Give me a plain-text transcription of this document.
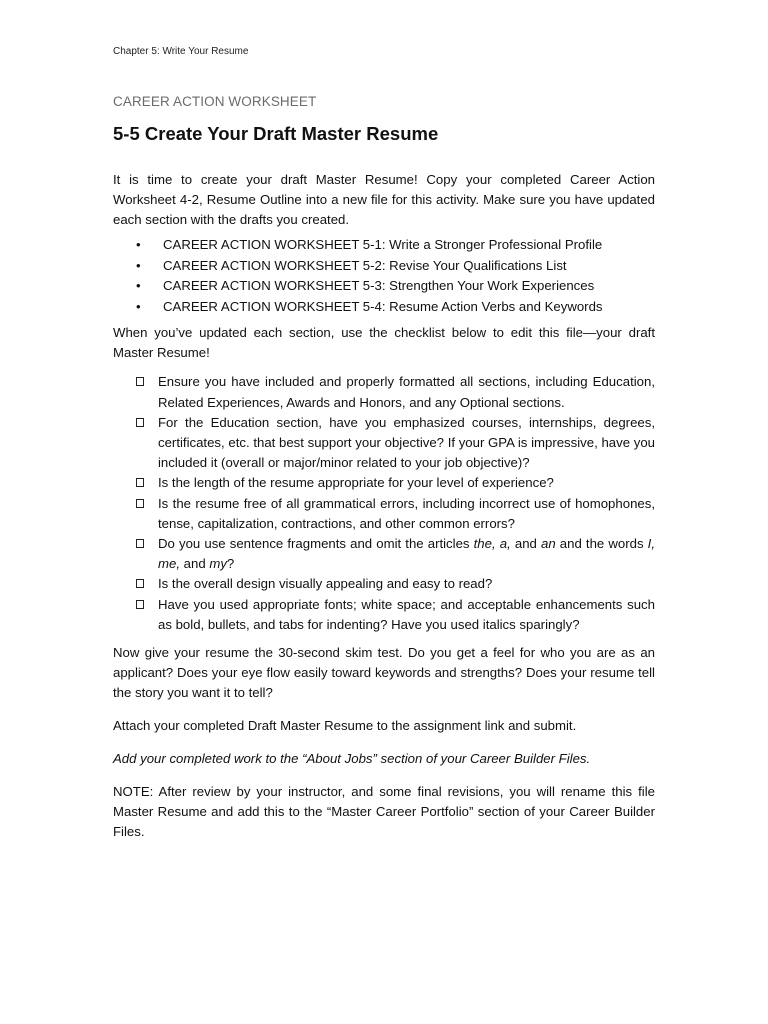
Chapter 5: Write Your Resume
CAREER ACTION WORKSHEET
5-5 Create Your Draft Master Resume

It is time to create your draft Master Resume! Copy your completed Career Action Worksheet 4-2, Resume Outline into a new file for this activity. Make sure you have updated each section with the drafts you created.

• CAREER ACTION WORKSHEET 5-1: Write a Stronger Professional Profile
• CAREER ACTION WORKSHEET 5-2: Revise Your Qualifications List
• CAREER ACTION WORKSHEET 5-3: Strengthen Your Work Experiences
• CAREER ACTION WORKSHEET 5-4: Resume Action Verbs and Keywords

When you’ve updated each section, use the checklist below to edit this file—your draft Master Resume!

Ensure you have included and properly formatted all sections, including Education, Related Experiences, Awards and Honors, and any Optional sections.
For the Education section, have you emphasized courses, internships, degrees, certificates, etc. that best support your objective? If your GPA is impressive, have you included it (overall or major/minor related to your job objective)?
Is the length of the resume appropriate for your level of experience?
Is the resume free of all grammatical errors, including incorrect use of homophones, tense, capitalization, contractions, and other common errors?
Do you use sentence fragments and omit the articles the, a, and an and the words I, me, and my?
Is the overall design visually appealing and easy to read?
Have you used appropriate fonts; white space; and acceptable enhancements such as bold, bullets, and tabs for indenting? Have you used italics sparingly?

Now give your resume the 30-second skim test. Do you get a feel for who you are as an applicant? Does your eye flow easily toward keywords and strengths? Does your resume tell the story you want it to tell?

Attach your completed Draft Master Resume to the assignment link and submit.

Add your completed work to the “About Jobs” section of your Career Builder Files.

NOTE: After review by your instructor, and some final revisions, you will rename this file Master Resume and add this to the “Master Career Portfolio” section of your Career Builder Files.
